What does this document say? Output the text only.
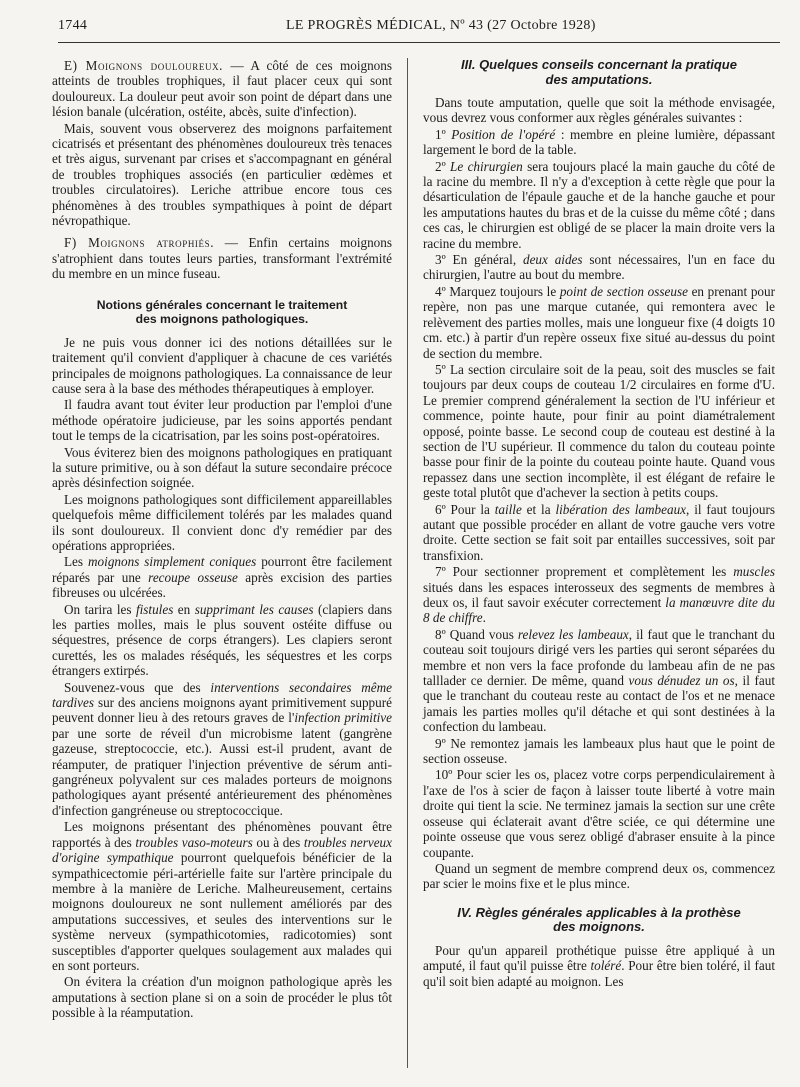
1744	LE PROGRÈS MÉDICAL, Nº 43 (27 Octobre 1928)

E) Moignons douloureux. — A côté de ces moignons atteints de troubles trophiques, il faut placer ceux qui sont douloureux. La douleur peut avoir son point de départ dans une lésion banale (ulcération, ostéite, abcès, suite d'infection).

Mais, souvent vous observerez des moignons parfaitement cicatrisés et présentant des phénomènes douloureux très tenaces et très aigus, survenant par crises et s'accompagnant en général de troubles trophiques associés (en particulier œdèmes et troubles circulatoires). Leriche attribue encore tous ces phénomènes à des troubles sympathiques à point de départ névropathique.

F) Moignons atrophiés. — Enfin certains moignons s'atrophient dans toutes leurs parties, transformant l'extrémité du membre en un mince fuseau.

Notions générales concernant le traitement
des moignons pathologiques.

Je ne puis vous donner ici des notions détaillées sur le traitement qu'il convient d'appliquer à chacune de ces variétés principales de moignons pathologiques. La connaissance de leur cause sera à la base des méthodes thérapeutiques à employer.

Il faudra avant tout éviter leur production par l'emploi d'une méthode opératoire judicieuse, par les soins apportés pendant tout le temps de la cicatrisation, par les soins post-opératoires.

Vous éviterez bien des moignons pathologiques en pratiquant la suture primitive, ou à son défaut la suture secondaire précoce après désinfection soignée.

Les moignons pathologiques sont difficilement appareillables quelquefois même difficilement tolérés par les malades quand ils sont douloureux. Il convient donc d'y remédier par des opérations appropriées.

Les moignons simplement coniques pourront être facilement réparés par une recoupe osseuse après excision des parties fibreuses ou ulcérées.

On tarira les fistules en supprimant les causes (clapiers dans les parties molles, mais le plus souvent ostéite diffuse ou séquestres, présence de corps étrangers). Les clapiers seront curettés, les os malades réséqués, les séquestres et les corps étrangers extirpés.

Souvenez-vous que des interventions secondaires même tardives sur des anciens moignons ayant primitivement suppuré peuvent donner lieu à des retours graves de l'infection primitive par une sorte de réveil d'un microbisme latent (gangrène gazeuse, streptococcie, etc.). Aussi est-il prudent, avant de réamputer, de pratiquer l'injection préventive de sérum anti-gangréneux polyvalent sur ces malades porteurs de moignons pathologiques ayant présenté antérieurement des phénomènes d'infection gangréneuse ou streptococcique.

Les moignons présentant des phénomènes pouvant être rapportés à des troubles vaso-moteurs ou à des troubles nerveux d'origine sympathique pourront quelquefois bénéficier de la sympathicectomie péri-artérielle faite sur l'artère principale du membre à la manière de Leriche. Malheureusement, certains moignons douloureux ne sont nullement améliorés par des amputations successives, et seules des interventions sur le système nerveux (sympathicotomies, radicotomies) sont susceptibles d'apporter quelques soulagement aux malades qui en sont porteurs.

On évitera la création d'un moignon pathologique après les amputations à section plane si on a soin de procéder le plus tôt possible à la réamputation.

III. Quelques conseils concernant la pratique
des amputations.

Dans toute amputation, quelle que soit la méthode envisagée, vous devrez vous conformer aux règles générales suivantes :

1º Position de l'opéré : membre en pleine lumière, dépassant largement le bord de la table.

2º Le chirurgien sera toujours placé la main gauche du côté de la racine du membre. Il n'y a d'exception à cette règle que pour la désarticulation de l'épaule gauche et de la hanche gauche et pour les amputations hautes du bras et de la cuisse du même côté ; dans ces cas, le chirurgien est obligé de se placer la main droite vers la racine du membre.

3º En général, deux aides sont nécessaires, l'un en face du chirurgien, l'autre au bout du membre.

4º Marquez toujours le point de section osseuse en prenant pour repère, non pas une marque cutanée, qui remontera avec le relèvement des parties molles, mais une longueur fixe (4 doigts 10 cm. etc.) à partir d'un repère osseux fixe situé au-dessus du point de section du membre.

5º La section circulaire soit de la peau, soit des muscles se fait toujours par deux coups de couteau 1/2 circulaires en forme d'U. Le premier comprend généralement la section de l'U inférieur et commence, pointe haute, pour finir au point diamétralement opposé, pointe basse. Le second coup de couteau est destiné à la section de l'U supérieur. Il commence du talon du couteau pointe basse pour finir de la pointe du couteau pointe haute. Quand vous repassez dans une section incomplète, il est élégant de refaire le geste total plutôt que d'achever la section à petits coups.

6º Pour la taille et la libération des lambeaux, il faut toujours autant que possible procéder en allant de votre gauche vers votre droite. Cette section se fait soit par entailles successives, soit par transfixion.

7º Pour sectionner proprement et complètement les muscles situés dans les espaces interosseux des segments de membres à deux os, il faut savoir exécuter correctement la manœuvre dite du 8 de chiffre.

8º Quand vous relevez les lambeaux, il faut que le tranchant du couteau soit toujours dirigé vers les parties qui seront séparées du membre et non vers la face profonde du lambeau afin de ne pas talllader ce dernier. De même, quand vous dénudez un os, il faut que le tranchant du couteau reste au contact de l'os et ne menace jamais les parties molles qu'il détache et qui sont destinées à la confection du lambeau.

9º Ne remontez jamais les lambeaux plus haut que le point de section osseuse.

10º Pour scier les os, placez votre corps perpendiculairement à l'axe de l'os à scier de façon à laisser toute liberté à votre main droite qui tient la scie. Ne terminez jamais la section sur une crête osseuse qui éclaterait avant d'être sciée, ce qui détermine une pointe osseuse que vous serez obligé d'abraser ensuite à la pince coupante.

Quand un segment de membre comprend deux os, commencez par scier le moins fixe et le plus mince.

IV. Règles générales applicables à la prothèse
des moignons.

Pour qu'un appareil prothétique puisse être appliqué à un amputé, il faut qu'il puisse être toléré. Pour être bien toléré, il faut qu'il soit bien adapté au moignon. Les
